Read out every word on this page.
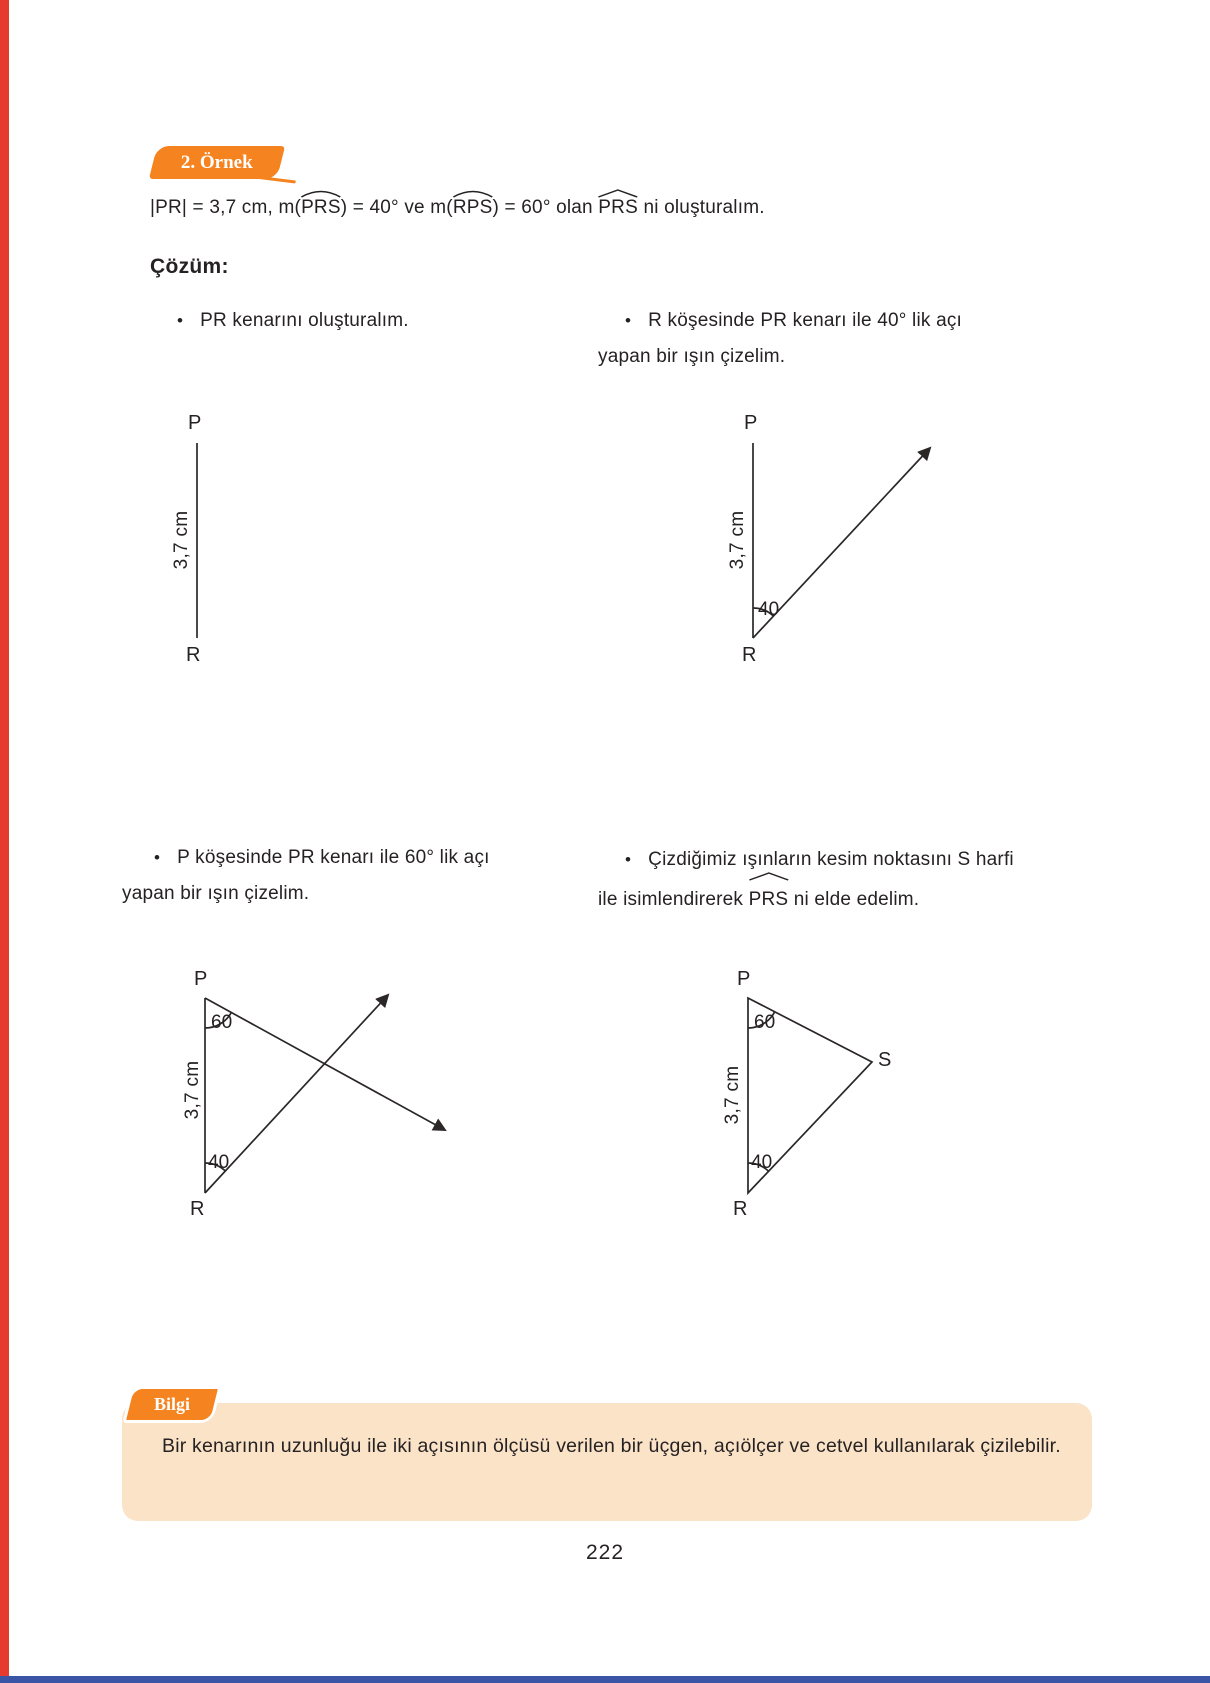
2. Örnek
|PR| = 3,7 cm, m(
PRS) = 40° ve m(
RPS) = 60° olan
PRS ni oluşturalım.
Çözüm:
• PR kenarını oluşturalım.	• R köşesinde PR kenarı ile 40° lik açı
yapan bir ışın çizelim.
• P köşesinde PR kenarı ile 60° lik açı
yapan bir ışın çizelim.
• Çizdiğimiz ışınların kesim noktasını S harfi
ile isimlendirerek
PRS ni elde edelim.
P
R
3,7 cm
P
R
3,7 cm
40
P
R
3,7 cm
60
40
P
R
S
3,7 cm
60
40
Bilgi
Bir kenarının uzunluğu ile iki açısının ölçüsü verilen bir üçgen, açıölçer ve cetvel kullanılarak çizilebilir.
222
